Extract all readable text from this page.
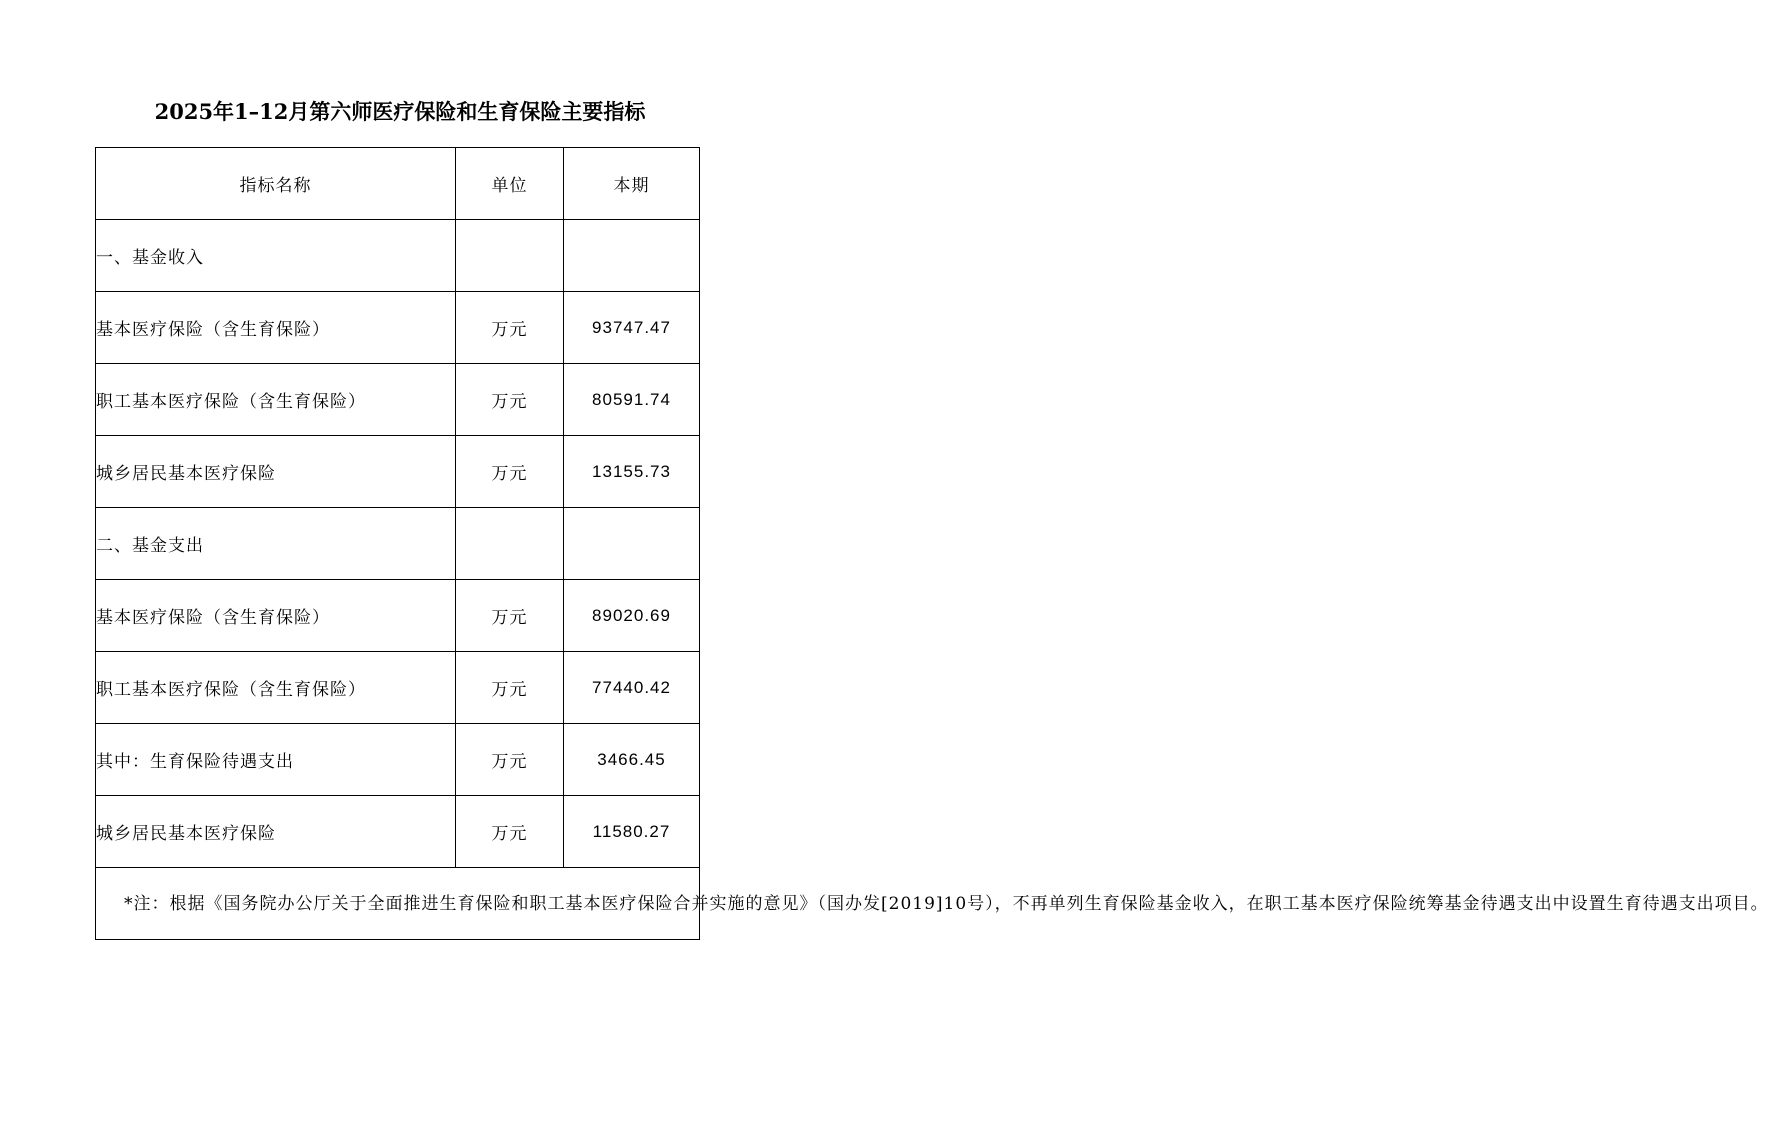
2025年1–12月第六师医疗保险和生育保险主要指标
指标名称	单位	本期
一、基金收入		
基本医疗保险（含生育保险）	万元	93747.47
职工基本医疗保险（含生育保险）	万元	80591.74
城乡居民基本医疗保险	万元	13155.73
二、基金支出		
基本医疗保险（含生育保险）	万元	89020.69
职工基本医疗保险（含生育保险）	万元	77440.42
其中：生育保险待遇支出	万元	3466.45
城乡居民基本医疗保险	万元	11580.27
*注：根据《国务院办公厅关于全面推进生育保险和职工基本医疗保险合并实施的意见》（国办发[2019]10号），不再单列生育保险基金收入，在职工基本医疗保险统筹基金待遇支出中设置生育待遇支出项目。		
